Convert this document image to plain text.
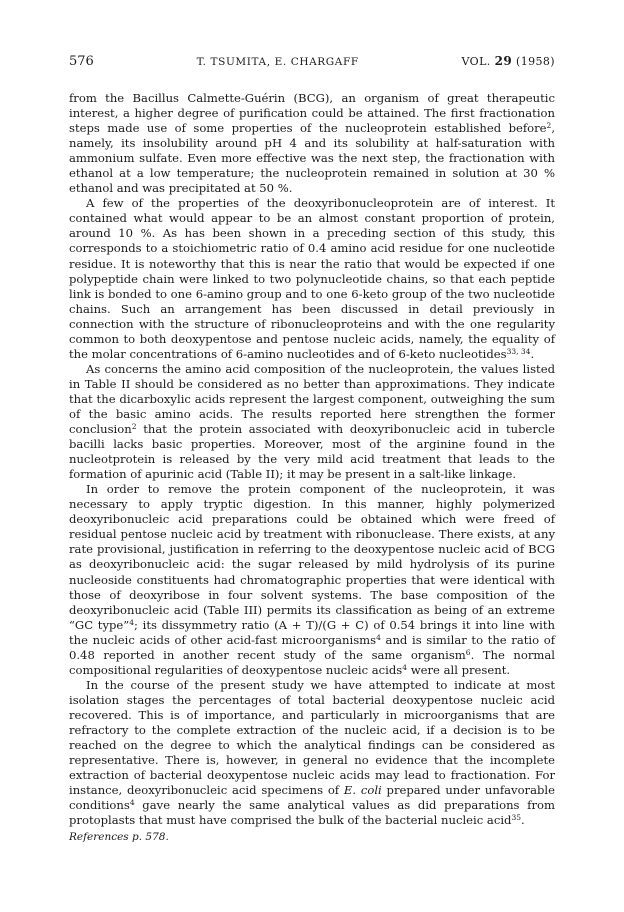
576	T. TSUMITA, E. CHARGAFF	VOL. 29 (1958)

from the Bacillus Calmette-Guérin (BCG), an organism of great therapeutic interest, a higher degree of purification could be attained. The first fractionation steps made use of some properties of the nucleoprotein established before$^2$, namely, its insolubility around pH 4 and its solubility at half-saturation with ammonium sulfate. Even more effective was the next step, the fractionation with ethanol at a low temperature; the nucleoprotein remained in solution at 30 % ethanol and was precipitated at 50 %.

A few of the properties of the deoxyribonucleoprotein are of interest. It contained what would appear to be an almost constant proportion of protein, around 10 %. As has been shown in a preceding section of this study, this corresponds to a stoichiometric ratio of 0.4 amino acid residue for one nucleotide residue. It is noteworthy that this is near the ratio that would be expected if one polypeptide chain were linked to two polynucleotide chains, so that each peptide link is bonded to one 6-amino group and to one 6-keto group of the two nucleotide chains. Such an arrangement has been discussed in detail previously in connection with the structure of ribonucleoproteins and with the one regularity common to both deoxypentose and pentose nucleic acids, namely, the equality of the molar concentrations of 6-amino nucleotides and of 6-keto nucleotides$^{33, 34}$.

As concerns the amino acid composition of the nucleoprotein, the values listed in Table II should be considered as no better than approximations. They indicate that the dicarboxylic acids represent the largest component, outweighing the sum of the basic amino acids. The results reported here strengthen the former conclusion$^2$ that the protein associated with deoxyribonucleic acid in tubercle bacilli lacks basic properties. Moreover, most of the arginine found in the nucleotprotein is released by the very mild acid treatment that leads to the formation of apurinic acid (Table II); it may be present in a salt-like linkage.

In order to remove the protein component of the nucleoprotein, it was necessary to apply tryptic digestion. In this manner, highly polymerized deoxyribonucleic acid preparations could be obtained which were freed of residual pentose nucleic acid by treatment with ribonuclease. There exists, at any rate provisional, justification in referring to the deoxypentose nucleic acid of BCG as deoxyribonucleic acid: the sugar released by mild hydrolysis of its purine nucleoside constituents had chromatographic properties that were identical with those of deoxyribose in four solvent systems. The base composition of the deoxyribonucleic acid (Table III) permits its classification as being of an extreme “GC type”$^4$; its dissymmetry ratio (A + T)/(G + C) of 0.54 brings it into line with the nucleic acids of other acid-fast microorganisms$^4$ and is similar to the ratio of 0.48 reported in another recent study of the same organism$^6$. The normal compositional regularities of deoxypentose nucleic acids$^4$ were all present.

In the course of the present study we have attempted to indicate at most isolation stages the percentages of total bacterial deoxypentose nucleic acid recovered. This is of importance, and particularly in microorganisms that are refractory to the complete extraction of the nucleic acid, if a decision is to be reached on the degree to which the analytical findings can be considered as representative. There is, however, in general no evidence that the incomplete extraction of bacterial deoxypentose nucleic acids may lead to fractionation. For instance, deoxyribonucleic acid specimens of E. coli prepared under unfavorable conditions$^4$ gave nearly the same analytical values as did preparations from protoplasts that must have comprised the bulk of the bacterial nucleic acid$^{35}$.

References p. 578.
